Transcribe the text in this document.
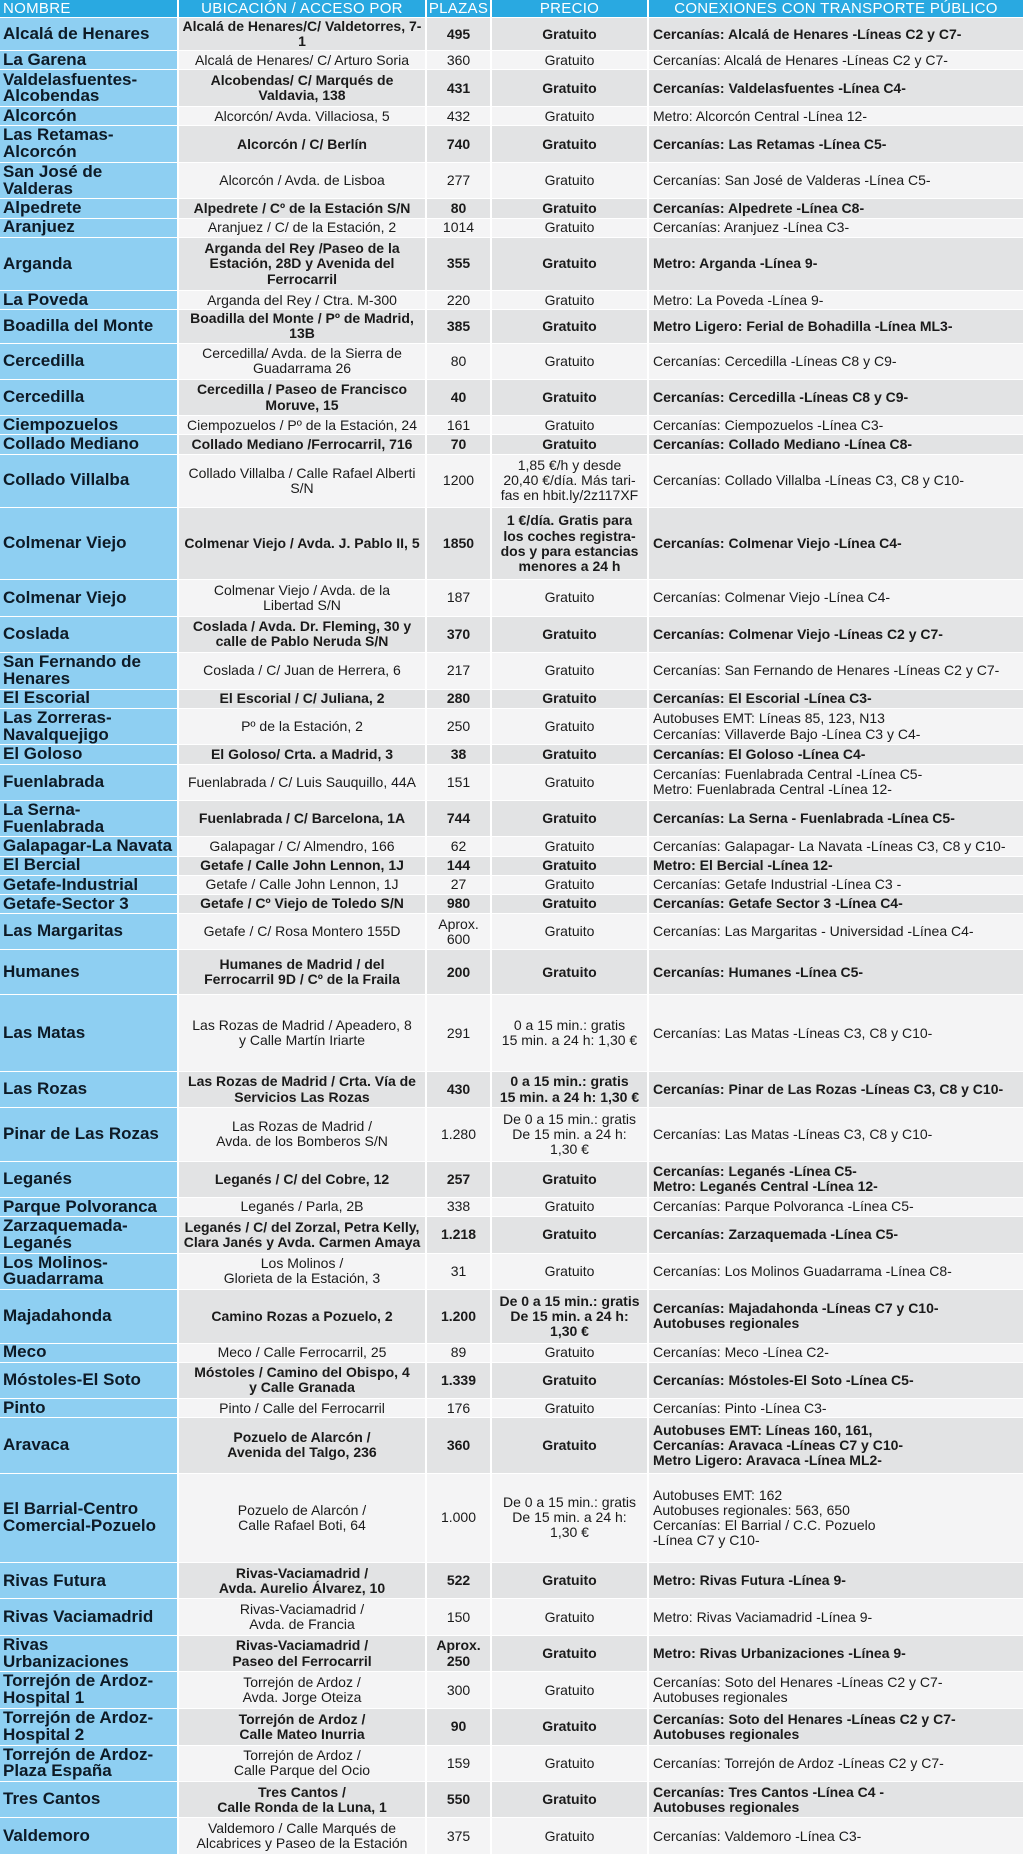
NOMBRE	UBICACIÓN / ACCESO POR	PLAZAS	PRECIO	CONEXIONES CON TRANSPORTE PÚBLICO
Alcalá de Henares	Alcalá de Henares/C/ Valdetorres, 7-1	495	Gratuito	Cercanías: Alcalá de Henares -Líneas C2 y C7-

La Garena	Alcalá de Henares/ C/ Arturo Soria	360	Gratuito	Cercanías: Alcalá de Henares -Líneas C2 y C7-

Valdelasfuentes-Alcobendas	Alcobendas/ C/ Marqués de
Valdavia, 138	431	Gratuito	Cercanías: Valdelasfuentes -Línea C4-

Alcorcón	Alcorcón/ Avda. Villaciosa, 5	432	Gratuito	Metro: Alcorcón Central -Línea 12-

Las Retamas-Alcorcón	Alcorcón / C/ Berlín	740	Gratuito	Cercanías: Las Retamas -Línea C5-

San José de Valderas	Alcorcón / Avda. de Lisboa	277	Gratuito	Cercanías: San José de Valderas -Línea C5-

Alpedrete	Alpedrete / Cº de la Estación S/N	80	Gratuito	Cercanías: Alpedrete -Línea C8-

Aranjuez	Aranjuez / C/ de la Estación, 2	1014	Gratuito	Cercanías: Aranjuez -Línea C3-

Arganda	Arganda del Rey /Paseo de la
Estación, 28D y Avenida del
Ferrocarril	355	Gratuito	Metro: Arganda -Línea 9-

La Poveda	Arganda del Rey / Ctra. M-300	220	Gratuito	Metro: La Poveda -Línea 9-

Boadilla del Monte	Boadilla del Monte / Pº de Madrid, 13B	385	Gratuito	Metro Ligero: Ferial de Bohadilla -Línea ML3-

Cercedilla	Cercedilla/ Avda. de la Sierra de
Guadarrama 26	80	Gratuito	Cercanías: Cercedilla -Líneas C8 y C9-

Cercedilla	Cercedilla / Paseo de Francisco
Moruve, 15	40	Gratuito	Cercanías: Cercedilla -Líneas C8 y C9-

Ciempozuelos	Ciempozuelos / Pº de la Estación, 24	161	Gratuito	Cercanías: Ciempozuelos -Línea C3-

Collado Mediano	Collado Mediano /Ferrocarril, 716	70	Gratuito	Cercanías: Collado Mediano -Línea C8-

Collado Villalba	Collado Villalba / Calle Rafael Alberti
S/N	1200	1,85 €/h y desde
20,40 €/día. Más tari-
fas en hbit.ly/2z117XF	Cercanías: Collado Villalba -Líneas C3, C8 y C10-

Colmenar Viejo	Colmenar Viejo / Avda. J. Pablo II, 5	1850	1 €/día. Gratis para
los coches registra-
dos y para estancias
menores a 24 h	Cercanías: Colmenar Viejo -Línea C4-

Colmenar Viejo	Colmenar Viejo / Avda. de la
Libertad S/N	187	Gratuito	Cercanías: Colmenar Viejo -Línea C4-

Coslada	Coslada / Avda. Dr. Fleming, 30 y
calle de Pablo Neruda S/N	370	Gratuito	Cercanías: Colmenar Viejo -Líneas C2 y C7-

San Fernando de Henares	Coslada / C/ Juan de Herrera, 6	217	Gratuito	Cercanías: San Fernando de Henares -Líneas C2 y C7-

El Escorial	El Escorial / C/ Juliana, 2	280	Gratuito	Cercanías: El Escorial -Línea C3-

Las Zorreras-Navalquejigo	Pº de la Estación, 2	250	Gratuito	Autobuses EMT: Líneas 85, 123, N13
Cercanías: Villaverde Bajo -Línea C3 y C4-

El Goloso	El Goloso/ Crta. a Madrid, 3	38	Gratuito	Cercanías: El Goloso -Línea C4-

Fuenlabrada	Fuenlabrada / C/ Luis Sauquillo, 44A	151	Gratuito	Cercanías: Fuenlabrada Central -Línea C5-
Metro: Fuenlabrada Central -Línea 12-

La Serna-Fuenlabrada	Fuenlabrada / C/ Barcelona, 1A	744	Gratuito	Cercanías: La Serna - Fuenlabrada -Línea C5-

Galapagar-La Navata	Galapagar / C/ Almendro, 166	62	Gratuito	Cercanías: Galapagar- La Navata -Líneas C3, C8 y C10-

El Bercial	Getafe / Calle John Lennon, 1J	144	Gratuito	Metro: El Bercial -Línea 12-

Getafe-Industrial	Getafe / Calle John Lennon, 1J	27	Gratuito	Cercanías: Getafe Industrial -Línea C3 -

Getafe-Sector 3	Getafe / Cº Viejo de Toledo S/N	980	Gratuito	Cercanías: Getafe Sector 3 -Línea C4-

Las Margaritas	Getafe / C/ Rosa Montero 155D	Aprox. 600	Gratuito	Cercanías: Las Margaritas - Universidad -Línea C4-

Humanes	Humanes de Madrid / del
Ferrocarril 9D / Cº de la Fraila	200	Gratuito	Cercanías: Humanes -Línea C5-

Las Matas	Las Rozas de Madrid / Apeadero, 8
y Calle Martín Iriarte	291	0 a 15 min.: gratis
15 min. a 24 h: 1,30 €	Cercanías: Las Matas -Líneas C3, C8 y C10-

Las Rozas	Las Rozas de Madrid / Crta. Vía de
Servicios Las Rozas	430	0 a 15 min.: gratis
15 min. a 24 h: 1,30 €	Cercanías: Pinar de Las Rozas -Líneas C3, C8 y C10-

Pinar de Las Rozas	Las Rozas de Madrid /
Avda. de los Bomberos S/N	1.280	De 0 a 15 min.: gratis
De 15 min. a 24 h:
1,30 €	Cercanías: Las Matas -Líneas C3, C8 y C10-

Leganés	Leganés / C/ del Cobre, 12	257	Gratuito	Cercanías: Leganés -Línea C5-
Metro: Leganés Central -Línea 12-

Parque Polvoranca	Leganés / Parla, 2B	338	Gratuito	Cercanías: Parque Polvoranca -Línea C5-

Zarzaquemada-Leganés	Leganés / C/ del Zorzal, Petra Kelly,
Clara Janés y Avda. Carmen Amaya	1.218	Gratuito	Cercanías: Zarzaquemada -Línea C5-

Los Molinos-Guadarrama	Los Molinos /
Glorieta de la Estación, 3	31	Gratuito	Cercanías: Los Molinos Guadarrama -Línea C8-

Majadahonda	Camino Rozas a Pozuelo, 2	1.200	De 0 a 15 min.: gratis
De 15 min. a 24 h:
1,30 €	Cercanías: Majadahonda -Líneas C7 y C10-
Autobuses regionales

Meco	Meco / Calle Ferrocarril, 25	89	Gratuito	Cercanías: Meco -Línea C2-

Móstoles-El Soto	Móstoles / Camino del Obispo, 4
y Calle Granada	1.339	Gratuito	Cercanías: Móstoles-El Soto -Línea C5-

Pinto	Pinto / Calle del Ferrocarril	176	Gratuito	Cercanías: Pinto -Línea C3-

Aravaca	Pozuelo de Alarcón /
Avenida del Talgo, 236	360	Gratuito	Autobuses EMT: Líneas 160, 161,
Cercanías: Aravaca -Líneas C7 y C10-
Metro Ligero: Aravaca -Línea ML2-

El Barrial-Centro Comercial-Pozuelo	Pozuelo de Alarcón /
Calle Rafael Boti, 64	1.000	De 0 a 15 min.: gratis
De 15 min. a 24 h:
1,30 €	Autobuses EMT: 162
Autobuses regionales: 563, 650
Cercanías: El Barrial / C.C. Pozuelo
-Línea C7 y C10-

Rivas Futura	Rivas-Vaciamadrid /
Avda. Aurelio Álvarez, 10	522	Gratuito	Metro: Rivas Futura -Línea 9-

Rivas Vaciamadrid	Rivas-Vaciamadrid /
Avda. de Francia	150	Gratuito	Metro: Rivas Vaciamadrid -Línea 9-

Rivas Urbanizaciones	Rivas-Vaciamadrid /
Paseo del Ferrocarril	Aprox. 250	Gratuito	Metro: Rivas Urbanizaciones -Línea 9-

Torrejón de Ardoz-Hospital 1	Torrejón de Ardoz /
Avda. Jorge Oteiza	300	Gratuito	Cercanías: Soto del Henares -Líneas C2 y C7-
Autobuses regionales

Torrejón de Ardoz-Hospital 2	Torrejón de Ardoz /
Calle Mateo Inurria	90	Gratuito	Cercanías: Soto del Henares -Líneas C2 y C7-
Autobuses regionales

Torrejón de Ardoz-Plaza España	Torrejón de Ardoz /
Calle Parque del Ocio	159	Gratuito	Cercanías: Torrejón de Ardoz -Líneas C2 y C7-

Tres Cantos	Tres Cantos /
Calle Ronda de la Luna, 1	550	Gratuito	Cercanías: Tres Cantos -Línea C4 -
Autobuses regionales

Valdemoro	Valdemoro / Calle Marqués de
Alcabrices y Paseo de la Estación	375	Gratuito	Cercanías: Valdemoro -Línea C3-
